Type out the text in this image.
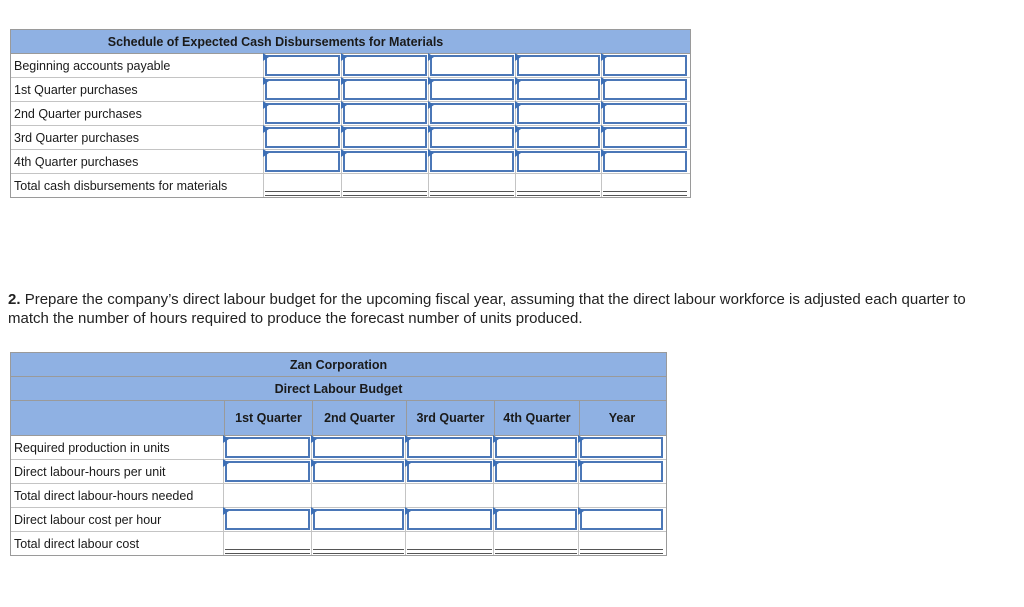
Schedule of Expected Cash Disbursements for Materials
Beginning accounts payable
1st Quarter purchases
2nd Quarter purchases
3rd Quarter purchases
4th Quarter purchases
Total cash disbursements for materials
2. Prepare the company’s direct labour budget for the upcoming fiscal year, assuming that the direct labour workforce is adjusted each quarter to match the number of hours required to produce the forecast number of units produced.
Zan Corporation
Direct Labour Budget
1st Quarter	2nd Quarter	3rd Quarter	4th Quarter	Year
Required production in units
Direct labour-hours per unit
Total direct labour-hours needed
Direct labour cost per hour
Total direct labour cost
